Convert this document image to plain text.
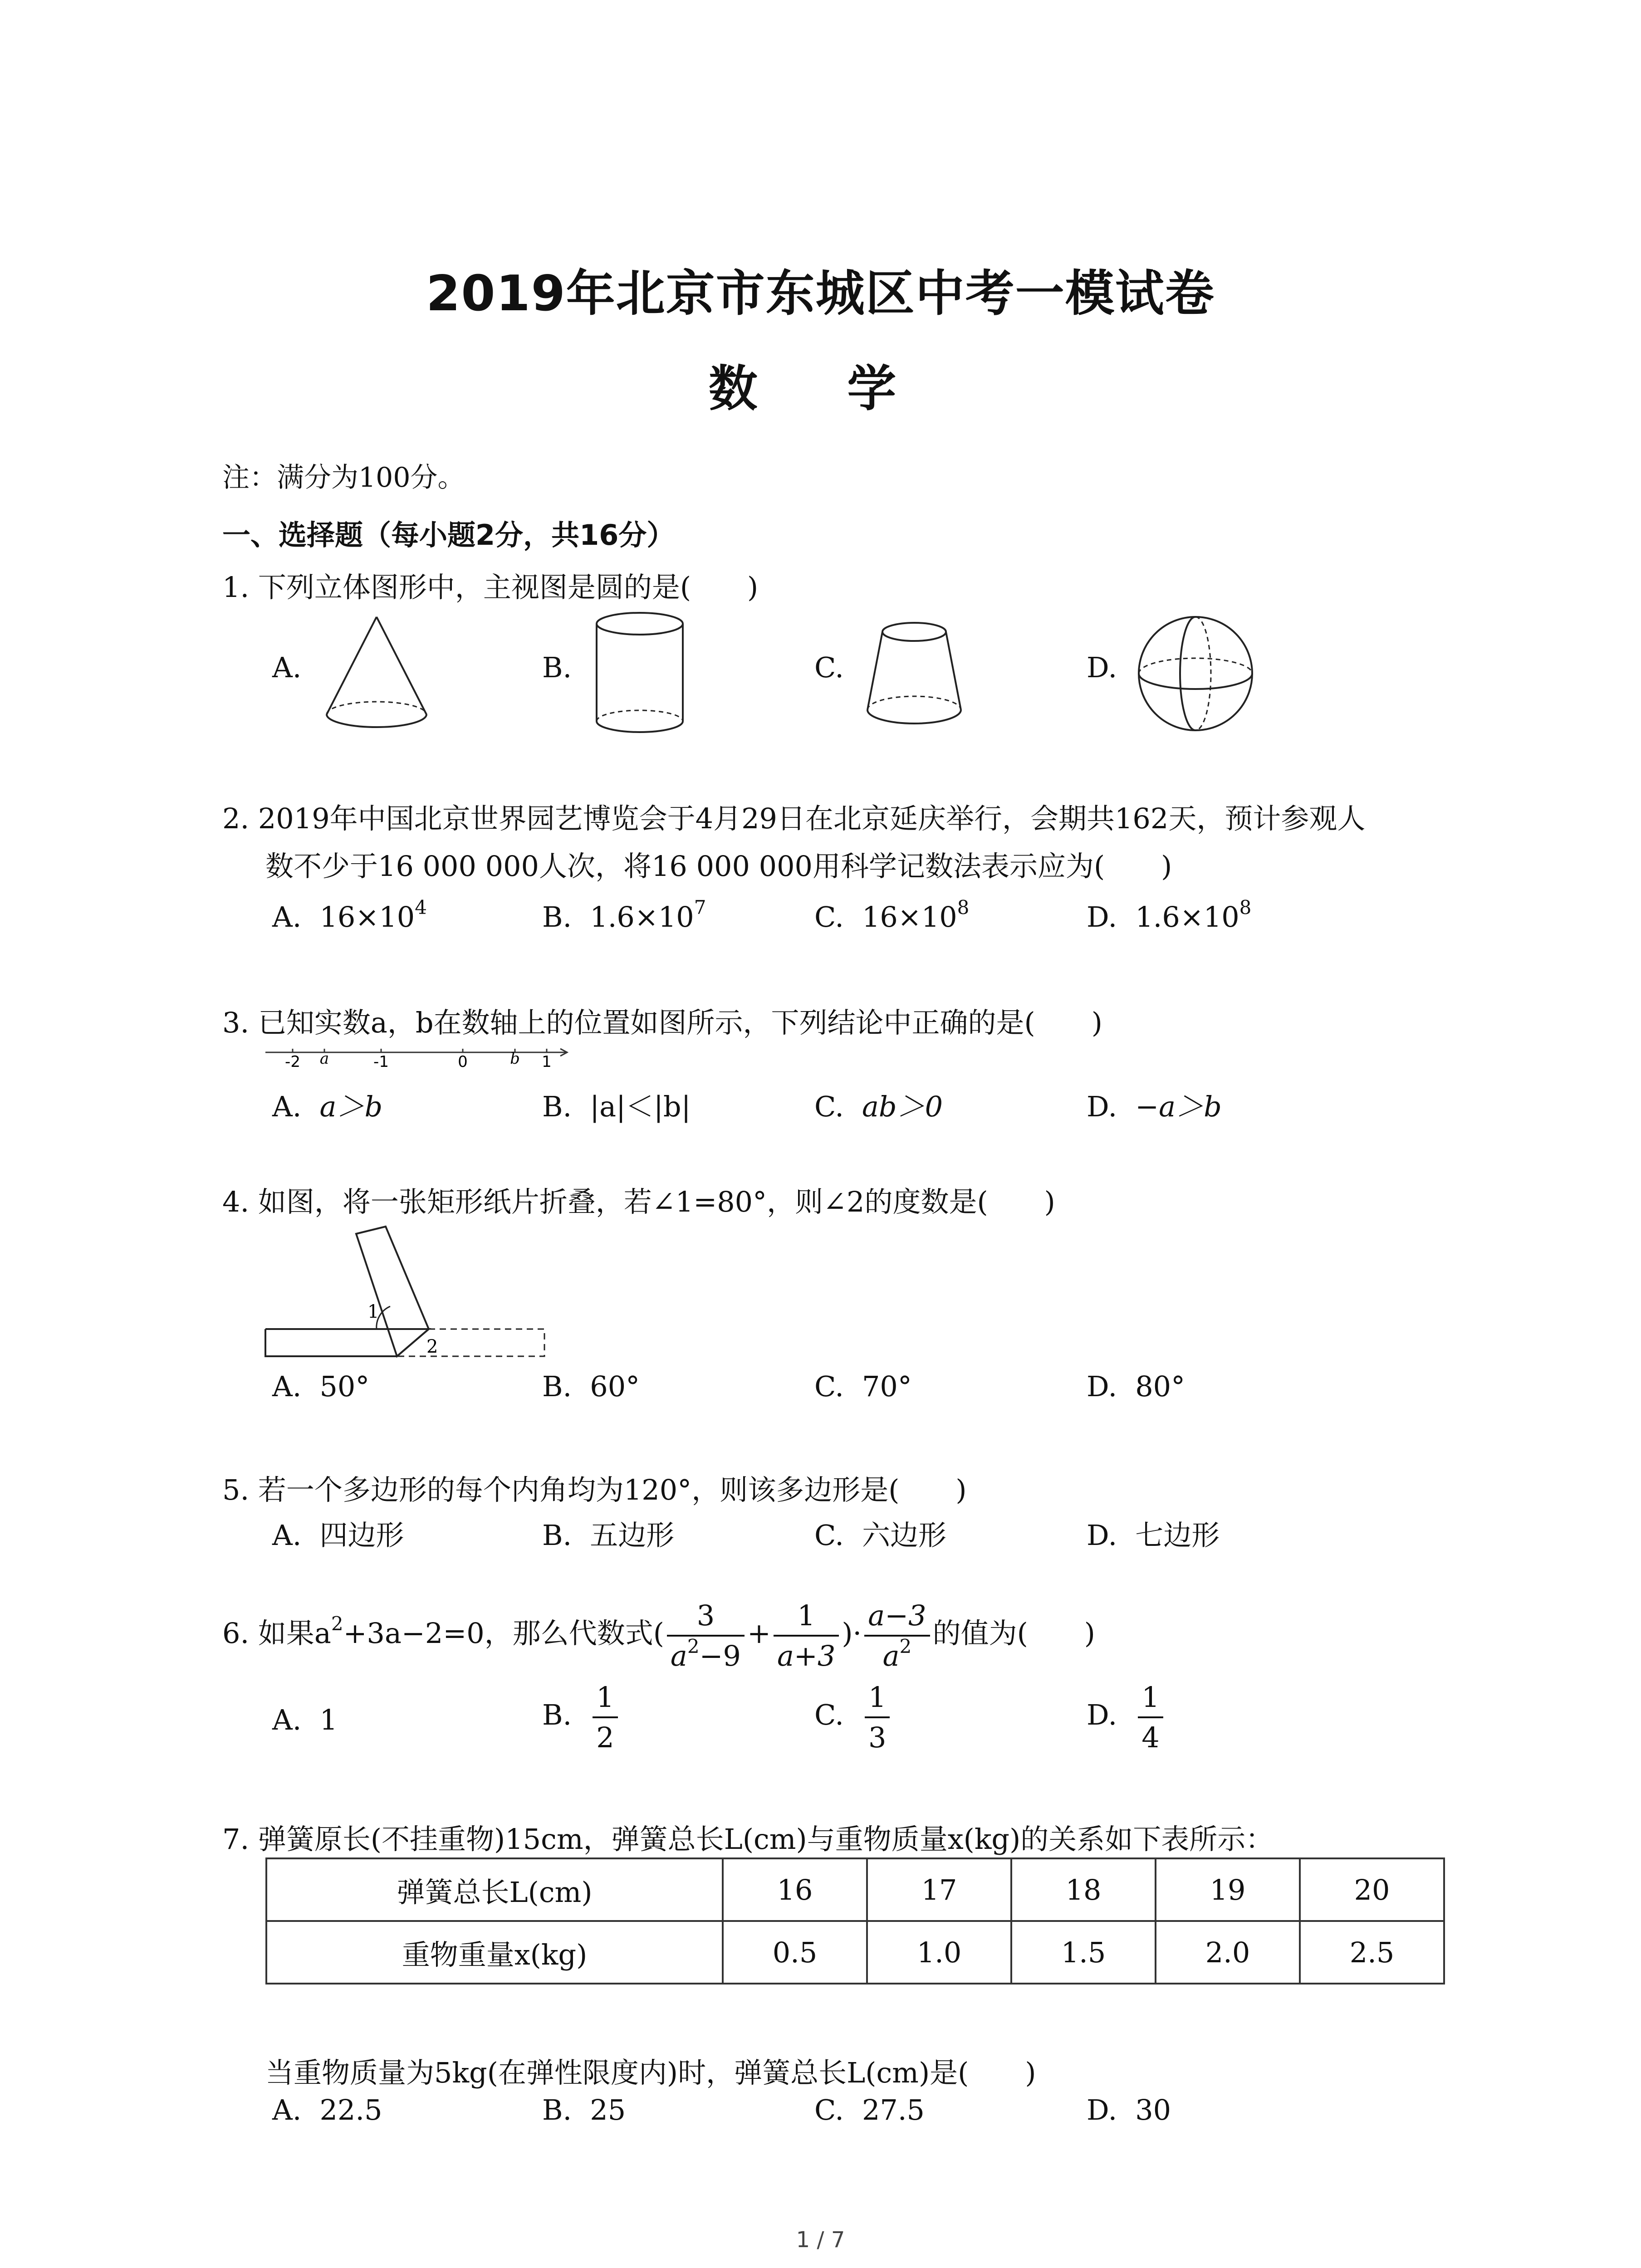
2019年北京市东城区中考一模试卷
数 学
注：满分为100分。
一、选择题（每小题2分，共16分）
1. 下列立体图形中，主视图是圆的是(　　)
A.	B.	C.	D.
2. 2019年中国北京世界园艺博览会于4月29日在北京延庆举行，会期共162天，预计参观人
数不少于16 000 000人次，将16 000 000用科学记数法表示应为(　　)
A. $16\times 10^4$	B. $1.6\times 10^7$	C. $16\times 10^8$	D. $1.6\times 10^8$
3. 已知实数a，b在数轴上的位置如图所示，下列结论中正确的是(　　)
-2 a	-1	0	b 1
A. a＞b	B. |a|＜|b|	C. ab＞0	D. −a＞b
4. 如图，将一张矩形纸片折叠，若∠1=80°，则∠2的度数是(　　)
1
2
A. 50°	B. 60°	C. 70°	D. 80°
5. 若一个多边形的每个内角均为120°，则该多边形是(　　)
A. 四边形	B. 五边形	C. 六边形	D. 七边形
6. 如果$a^2+3a-2=0$，那么代数式( $\frac{3}{a^2-9} + \frac{1}{a+3}$ )· $\frac{a-3}{a^2}$ 的值为(　　)
A. 1	B. $\frac{1}{2}$	C. $\frac{1}{3}$	D. $\frac{1}{4}$
7. 弹簧原长(不挂重物)15cm，弹簧总长L(cm)与重物质量x(kg)的关系如下表所示：
弹簧总长L(cm)	16	17	18	19	20
重物重量x(kg)	0.5	1.0	1.5	2.0	2.5
当重物质量为5kg(在弹性限度内)时，弹簧总长L(cm)是(　　)
A. 22.5	B. 25	C. 27.5	D. 30
1 / 7
